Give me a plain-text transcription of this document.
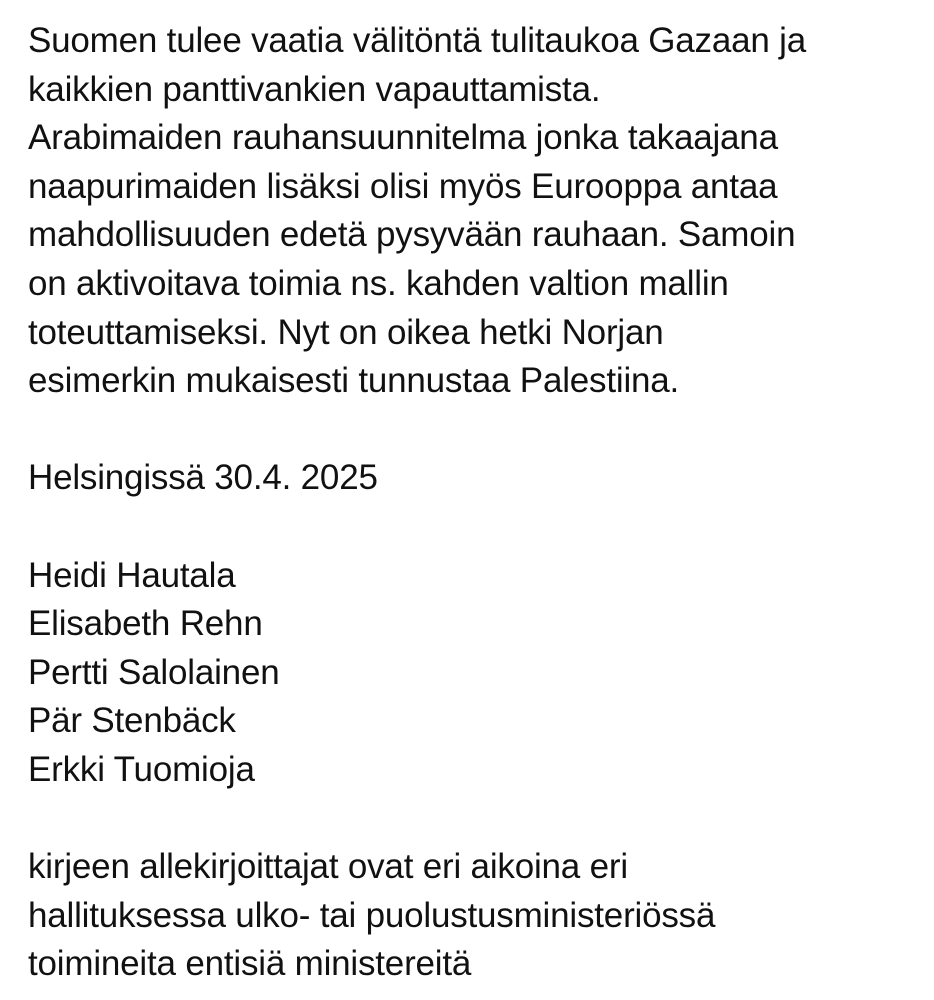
Suomen tulee vaatia välitöntä tulitaukoa Gazaan ja
kaikkien panttivankien vapauttamista.
Arabimaiden rauhansuunnitelma jonka takaajana
naapurimaiden lisäksi olisi myös Eurooppa antaa
mahdollisuuden edetä pysyvään rauhaan. Samoin
on aktivoitava toimia ns. kahden valtion mallin
toteuttamiseksi. Nyt on oikea hetki Norjan
esimerkin mukaisesti tunnustaa Palestiina.
Helsingissä 30.4. 2025
Heidi Hautala
Elisabeth Rehn
Pertti Salolainen
Pär Stenbäck
Erkki Tuomioja
kirjeen allekirjoittajat ovat eri aikoina eri
hallituksessa ulko- tai puolustusministeriössä
toimineita entisiä ministereitä
